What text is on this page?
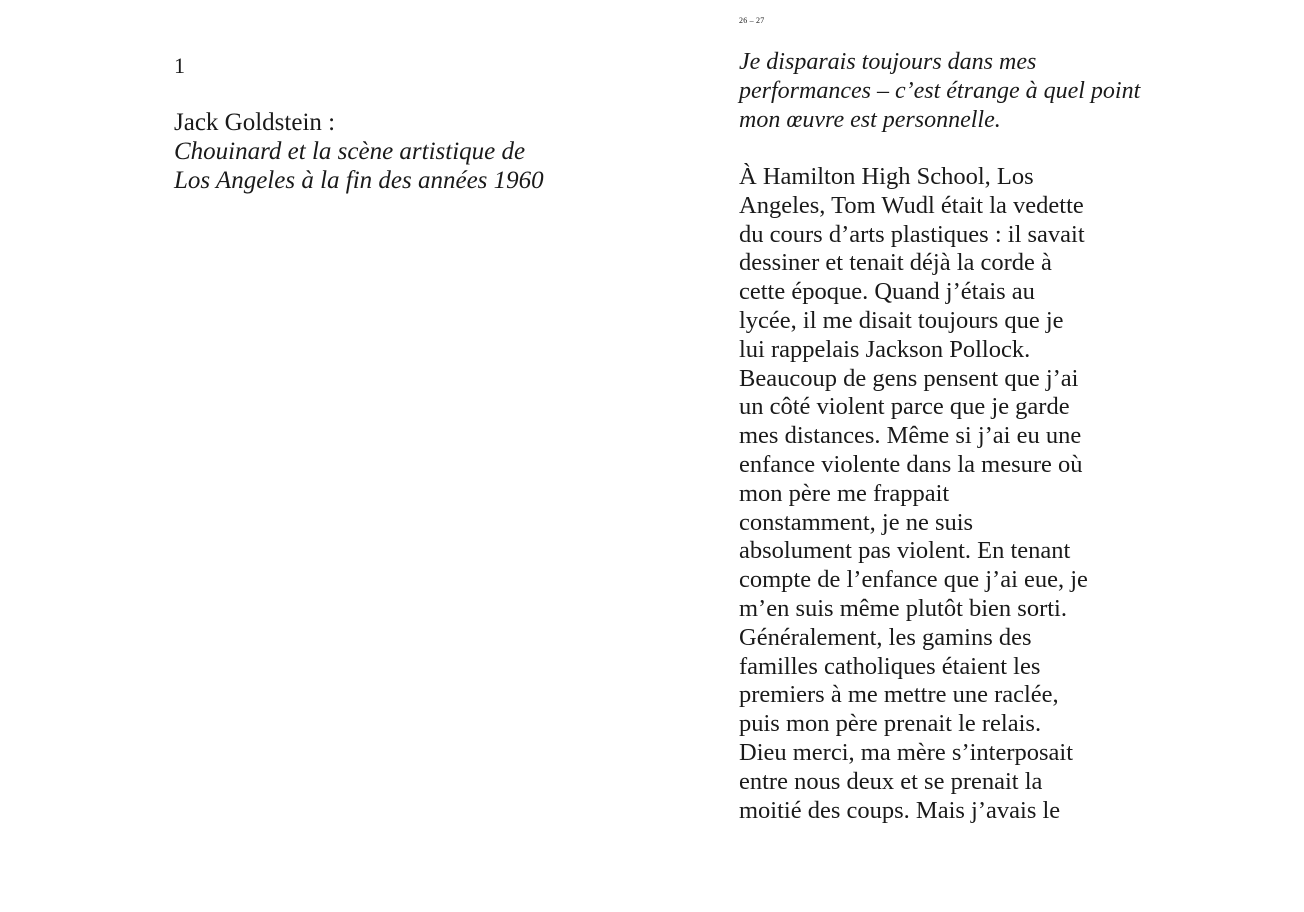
1
Jack Goldstein :
Chouinard et la scène artistique de
Los Angeles à la fin des années 1960
26 – 27
Je disparais toujours dans mes
performances – c’est étrange à quel point
mon œuvre est personnelle.
À Hamilton High School, Los
Angeles, Tom Wudl était la vedette
du cours d’arts plastiques : il savait
dessiner et tenait déjà la corde à
cette époque. Quand j’étais au
lycée, il me disait toujours que je
lui rappelais Jackson Pollock.
Beaucoup de gens pensent que j’ai
un côté violent parce que je garde
mes distances. Même si j’ai eu une
enfance violente dans la mesure où
mon père me frappait
constamment, je ne suis
absolument pas violent. En tenant
compte de l’enfance que j’ai eue, je
m’en suis même plutôt bien sorti.
Généralement, les gamins des
familles catholiques étaient les
premiers à me mettre une raclée,
puis mon père prenait le relais.
Dieu merci, ma mère s’interposait
entre nous deux et se prenait la
moitié des coups. Mais j’avais le
